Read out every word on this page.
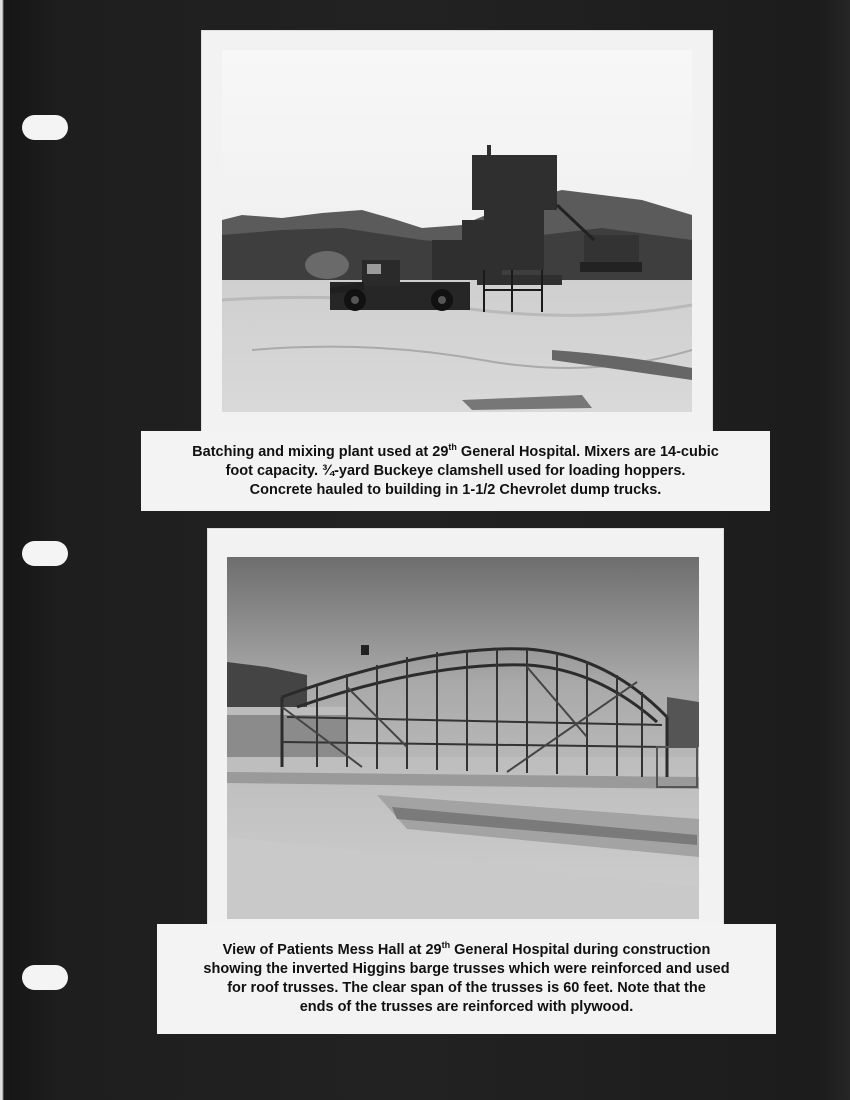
Batching and mixing plant used at 29th General Hospital. Mixers are 14-cubic
foot capacity. ¾-yard Buckeye clamshell used for loading hoppers.
Concrete hauled to building in 1-1/2 Chevrolet dump trucks.
View of Patients Mess Hall at 29th General Hospital during construction
showing the inverted Higgins barge trusses which were reinforced and used
for roof trusses. The clear span of the trusses is 60 feet. Note that the
ends of the trusses are reinforced with plywood.
